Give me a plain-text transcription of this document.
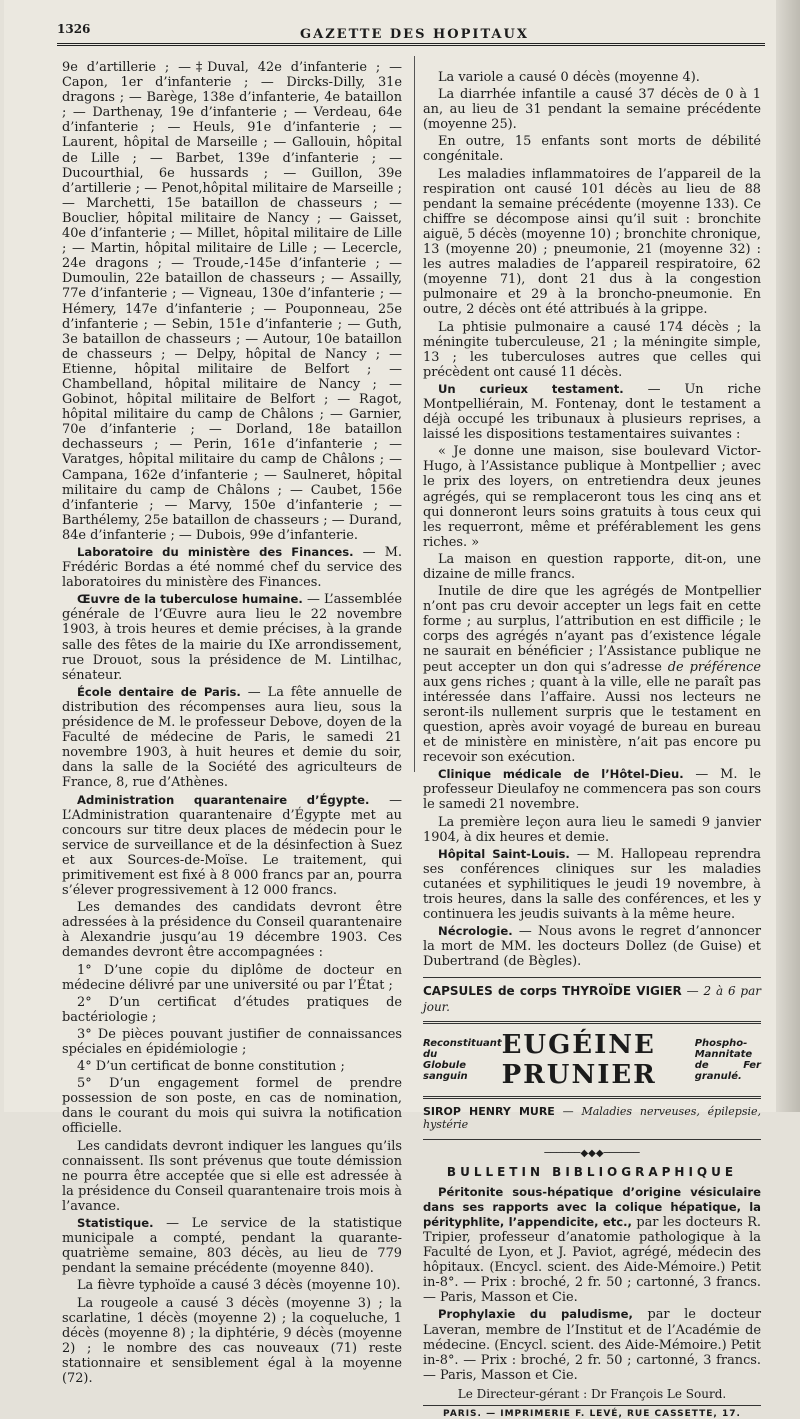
1326	GAZETTE DES HOPITAUX

9e d’artillerie ; —‡Duval, 42e d’infanterie ; — Capon, 1er d’infanterie ; — Dircks-Dilly, 31e dragons ; — Barège, 138e d’infanterie, 4e bataillon ; — Darthenay, 19e d’infanterie ; — Verdeau, 64e d’infanterie ; — Heuls, 91e d’infanterie ; — Laurent, hôpital de Marseille ; — Gallouin, hôpital de Lille ; — Barbet, 139e d’infanterie ; — Ducourthial, 6e hussards ; — Guillon, 39e d’artillerie ; — Penot,hôpital militaire de Marseille ; — Marchetti, 15e bataillon de chasseurs ; — Bouclier, hôpital militaire de Nancy ; — Gaisset, 40e d’infanterie ; — Millet, hôpital militaire de Lille ; — Martin, hôpital militaire de Lille ; — Lecercle, 24e dragons ; — Troude,‑145e d’infanterie ; — Dumoulin, 22e bataillon de chasseurs ; — Assailly, 77e d’infanterie ; — Vigneau, 130e d’infanterie ; — Hémery, 147e d’infanterie ; — Pouponneau, 25e d’infanterie ; — Sebin, 151e d’infanterie ; — Guth, 3e bataillon de chasseurs ; — Autour, 10e bataillon de chasseurs ; — Delpy, hôpital de Nancy ; — Etienne, hôpital militaire de Belfort ; — Chambelland, hôpital militaire de Nancy ; — Gobinot, hôpital militaire de Belfort ; — Ragot, hôpital militaire du camp de Châlons ; — Garnier, 70e d’infanterie ; — Dorland, 18e bataillon dechasseurs ; — Perin, 161e d’infanterie ; — Varatges, hôpital militaire du camp de Châlons ; — Campana, 162e d’infanterie ; — Saulneret, hôpital militaire du camp de Châlons ; — Caubet, 156e d’infanterie ; — Marvy, 150e d’infanterie ; — Barthélemy, 25e bataillon de chasseurs ; — Durand, 84e d’infanterie ; — Dubois, 99e d’infanterie.

Laboratoire du ministère des Finances. — M. Frédéric Bordas a été nommé chef du service des laboratoires du ministère des Finances.

Œuvre de la tuberculose humaine. — L’assemblée générale de l’Œuvre aura lieu le 22 novembre 1903, à trois heures et demie précises, à la grande salle des fêtes de la mairie du IXe arrondissement, rue Drouot, sous la présidence de M. Lintilhac, sénateur.

École dentaire de Paris. — La fête annuelle de distribution des récompenses aura lieu, sous la présidence de M. le professeur Debove, doyen de la Faculté de médecine de Paris, le samedi 21 novembre 1903, à huit heures et demie du soir, dans la salle de la Société des agriculteurs de France, 8, rue d’Athènes.

Administration quarantenaire d’Égypte. — L’Administration quarantenaire d’Égypte met au concours sur titre deux places de médecin pour le service de surveillance et de la désinfection à Suez et aux Sources-de-Moïse. Le traitement, qui primitivement est fixé à 8 000 francs par an, pourra s’élever progressivement à 12 000 francs.

Les demandes des candidats devront être adressées à la présidence du Conseil quarantenaire à Alexandrie jusqu’au 19 décembre 1903. Ces demandes devront être accompagnées :

1° D’une copie du diplôme de docteur en médecine délivré par une université ou par l’État ;

2° D’un certificat d’études pratiques de bactériologie ;

3° De pièces pouvant justifier de connaissances spéciales en épidémiologie ;

4° D’un certificat de bonne constitution ;

5° D’un engagement formel de prendre possession de son poste, en cas de nomination, dans le courant du mois qui suivra la notification officielle.

Les candidats devront indiquer les langues qu’ils connaissent. Ils sont prévenus que toute démission ne pourra être acceptée que si elle est adressée à la présidence du Conseil quarantenaire trois mois à l’avance.

Statistique. — Le service de la statistique municipale a compté, pendant la quarante-quatrième semaine, 803 décès, au lieu de 779 pendant la semaine précédente (moyenne 840).

La fièvre typhoïde a causé 3 décès (moyenne 10).

La rougeole a causé 3 décès (moyenne 3) ; la scarlatine, 1 décès (moyenne 2) ; la coqueluche, 1 décès (moyenne 8) ; la diphtérie, 9 décès (moyenne 2) ; le nombre des cas nouveaux (71) reste stationnaire et sensiblement égal à la moyenne (72).

La variole a causé 0 décès (moyenne 4).

La diarrhée infantile a causé 37 décès de 0 à 1 an, au lieu de 31 pendant la semaine précédente (moyenne 25).

En outre, 15 enfants sont morts de débilité congénitale.

Les maladies inflammatoires de l’appareil de la respiration ont causé 101 décès au lieu de 88 pendant la semaine précédente (moyenne 133). Ce chiffre se décompose ainsi qu’il suit : bronchite aiguë, 5 décès (moyenne 10) ; bronchite chronique, 13 (moyenne 20) ; pneumonie, 21 (moyenne 32) : les autres maladies de l’appareil respiratoire, 62 (moyenne 71), dont 21 dus à la congestion pulmonaire et 29 à la broncho-pneumonie. En outre, 2 décès ont été attribués à la grippe.

La phtisie pulmonaire a causé 174 décès ; la méningite tuberculeuse, 21 ; la méningite simple, 13 ; les tuberculoses autres que celles qui précèdent ont causé 11 décès.

Un curieux testament. — Un riche Montpelliérain, M. Fontenay, dont le testament a déjà occupé les tribunaux à plusieurs reprises, a laissé les dispositions testamentaires suivantes :

« Je donne une maison, sise boulevard Victor-Hugo, à l’Assistance publique à Montpellier ; avec le prix des loyers, on entretiendra deux jeunes agrégés, qui se remplaceront tous les cinq ans et qui donneront leurs soins gratuits à tous ceux qui les requerront, même et préférablement les gens riches. »

La maison en question rapporte, dit-on, une dizaine de mille francs.

Inutile de dire que les agrégés de Montpellier n’ont pas cru devoir accepter un legs fait en cette forme ; au surplus, l’attribution en est difficile ; le corps des agrégés n’ayant pas d’existence légale ne saurait en bénéficier ; l’Assistance publique ne peut accepter un don qui s’adresse de préférence aux gens riches ; quant à la ville, elle ne paraît pas intéressée dans l’affaire. Aussi nos lecteurs ne seront-ils nullement surpris que le testament en question, après avoir voyagé de bureau en bureau et de ministère en ministère, n’ait pas encore pu recevoir son exécution.

Clinique médicale de l’Hôtel-Dieu. — M. le professeur Dieulafoy ne commencera pas son cours le samedi 21 novembre.

La première leçon aura lieu le samedi 9 janvier 1904, à dix heures et demie.

Hôpital Saint-Louis. — M. Hallopeau reprendra ses conférences cliniques sur les maladies cutanées et syphilitiques le jeudi 19 novembre, à trois heures, dans la salle des conférences, et les y continuera les jeudis suivants à la même heure.

Nécrologie. — Nous avons le regret d’annoncer la mort de MM. les docteurs Dollez (de Guise) et Dubertrand (de Bègles).

CAPSULES de corps THYROÏDE VIGIER — 2 à 6 par jour.
Reconstituant du
Globule sanguin
EUGÉINE PRUNIER
Phospho-Mannitate
de Fer granulé.
SIROP HENRY MURE — Maladies nerveuses, épilepsie, hystérie
──────◆◆◆──────
BULLETIN BIBLIOGRAPHIQUE

Péritonite sous-hépatique d’origine vésiculaire dans ses rapports avec la colique hépatique, la pérityphlite, l’appendicite, etc., par les docteurs R. Tripier, professeur d’anatomie pathologique à la Faculté de Lyon, et J. Paviot, agrégé, médecin des hôpitaux. (Encycl. scient. des Aide-Mémoire.) Petit in-8°. — Prix : broché, 2 fr. 50 ; cartonné, 3 francs. — Paris, Masson et Cie.

Prophylaxie du paludisme, par le docteur Laveran, membre de l’Institut et de l’Académie de médecine. (Encycl. scient. des Aide-Mémoire.) Petit in-8°. — Prix : broché, 2 fr. 50 ; cartonné, 3 francs. — Paris, Masson et Cie.

Le Directeur-gérant : Dr François Le Sourd.
PARIS. — IMPRIMERIE F. LEVÉ, RUE CASSETTE, 17.
